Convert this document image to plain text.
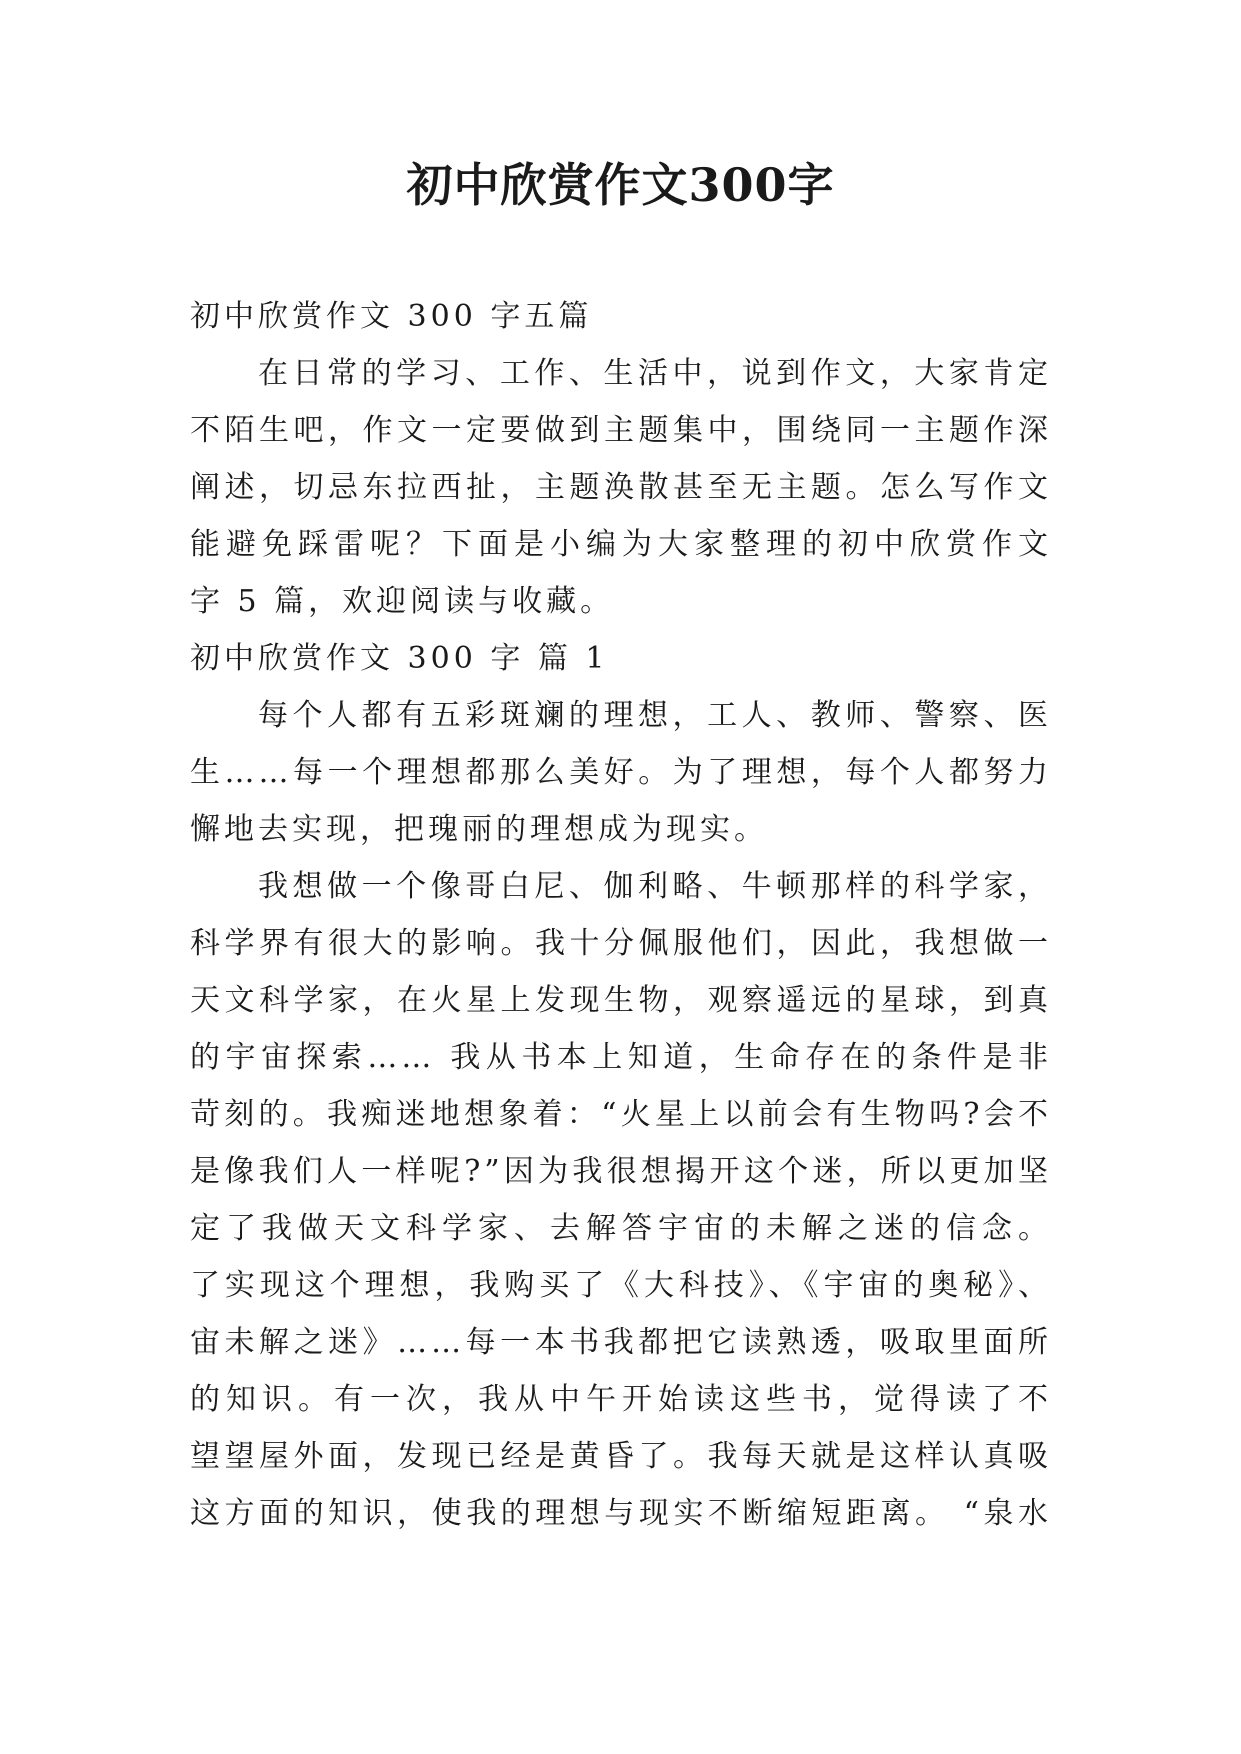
初中欣赏作文300字
初中欣赏作文 300 字五篇
在日常的学习、工作、生活中，说到作文，大家肯定
不陌生吧，作文一定要做到主题集中，围绕同一主题作深
阐述，切忌东拉西扯，主题涣散甚至无主题。怎么写作文
能避免踩雷呢？下面是小编为大家整理的初中欣赏作文
字 5 篇，欢迎阅读与收藏。
初中欣赏作文 300 字 篇 1
每个人都有五彩斑斓的理想，工人、教师、警察、医
生……每一个理想都那么美好。为了理想，每个人都努力
懈地去实现，把瑰丽的理想成为现实。
我想做一个像哥白尼、伽利略、牛顿那样的科学家，
科学界有很大的影响。我十分佩服他们，因此，我想做一
天文科学家，在火星上发现生物，观察遥远的星球，到真
的宇宙探索…… 我从书本上知道，生命存在的条件是非
苛刻的。我痴迷地想象着：“火星上以前会有生物吗?会不
是像我们人一样呢?”因为我很想揭开这个迷，所以更加坚
定了我做天文科学家、去解答宇宙的未解之迷的信念。
了实现这个理想，我购买了《大科技》、《宇宙的奥秘》、
宙未解之迷》……每一本书我都把它读熟透，吸取里面所
的知识。有一次，我从中午开始读这些书，觉得读了不
望望屋外面，发现已经是黄昏了。我每天就是这样认真吸
这方面的知识，使我的理想与现实不断缩短距离。 “泉水
